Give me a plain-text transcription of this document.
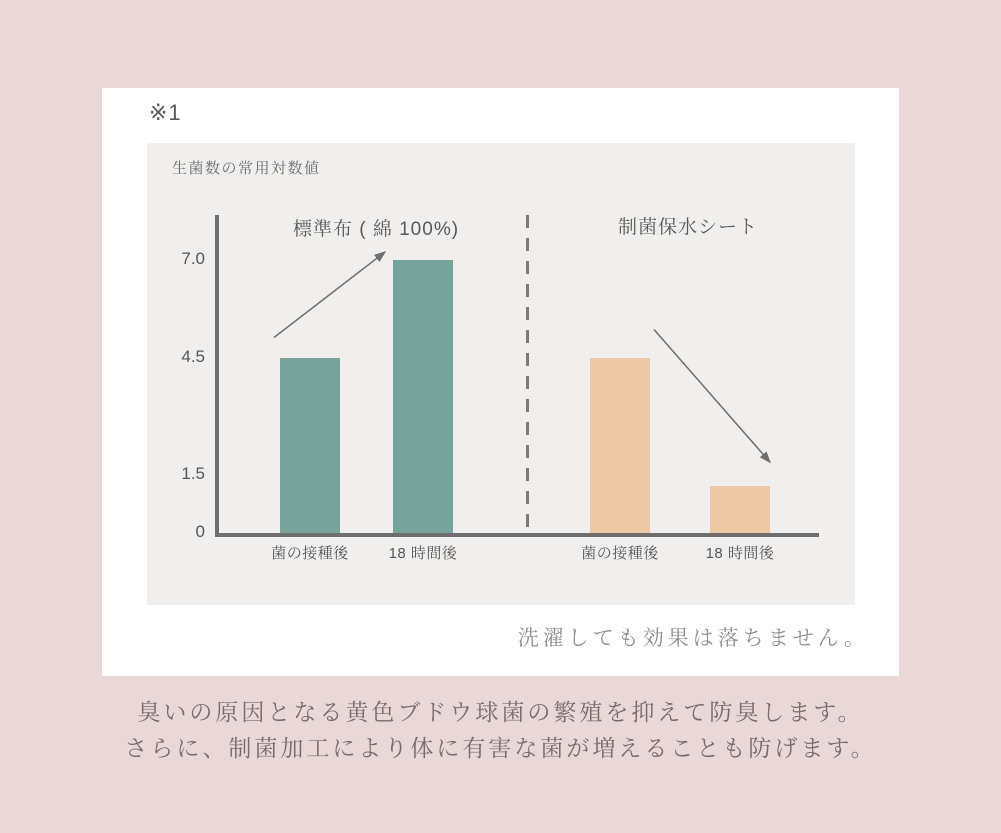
※1
生菌数の常用対数値
標準布 ( 綿 100%)	制菌保水シート
7.0
4.5
1.5
0
菌の接種後	18 時間後	菌の接種後	18 時間後
洗濯しても効果は落ちません。
臭いの原因となる黄色ブドウ球菌の繁殖を抑えて防臭します。
さらに、制菌加工により体に有害な菌が増えることも防げます。
